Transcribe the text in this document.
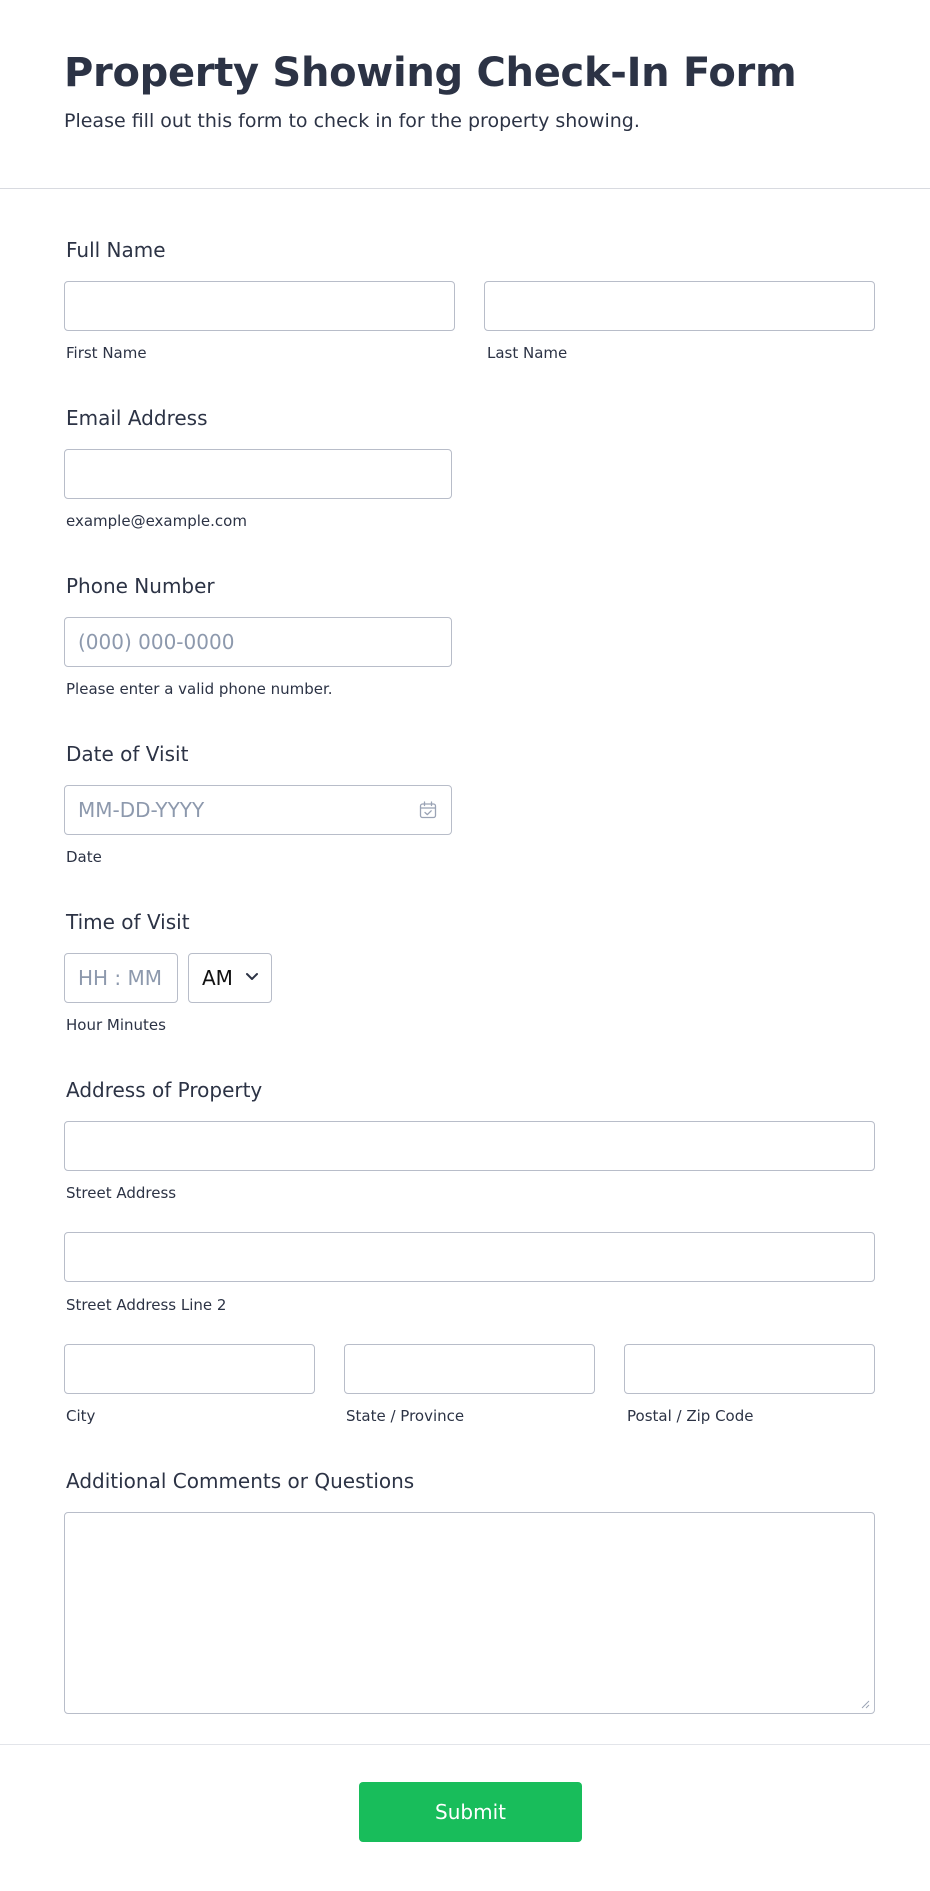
Property Showing Check-In Form
Please fill out this form to check in for the property showing.
Full Name
First Name	Last Name
Email Address
example@example.com
Phone Number
(000) 000-0000
Please enter a valid phone number.
Date of Visit
MM-DD-YYYY
Date
Time of Visit
HH : MM AM
Hour Minutes
Address of Property
Street Address
Street Address Line 2
City	State / Province	Postal / Zip Code
Additional Comments or Questions
Submit
